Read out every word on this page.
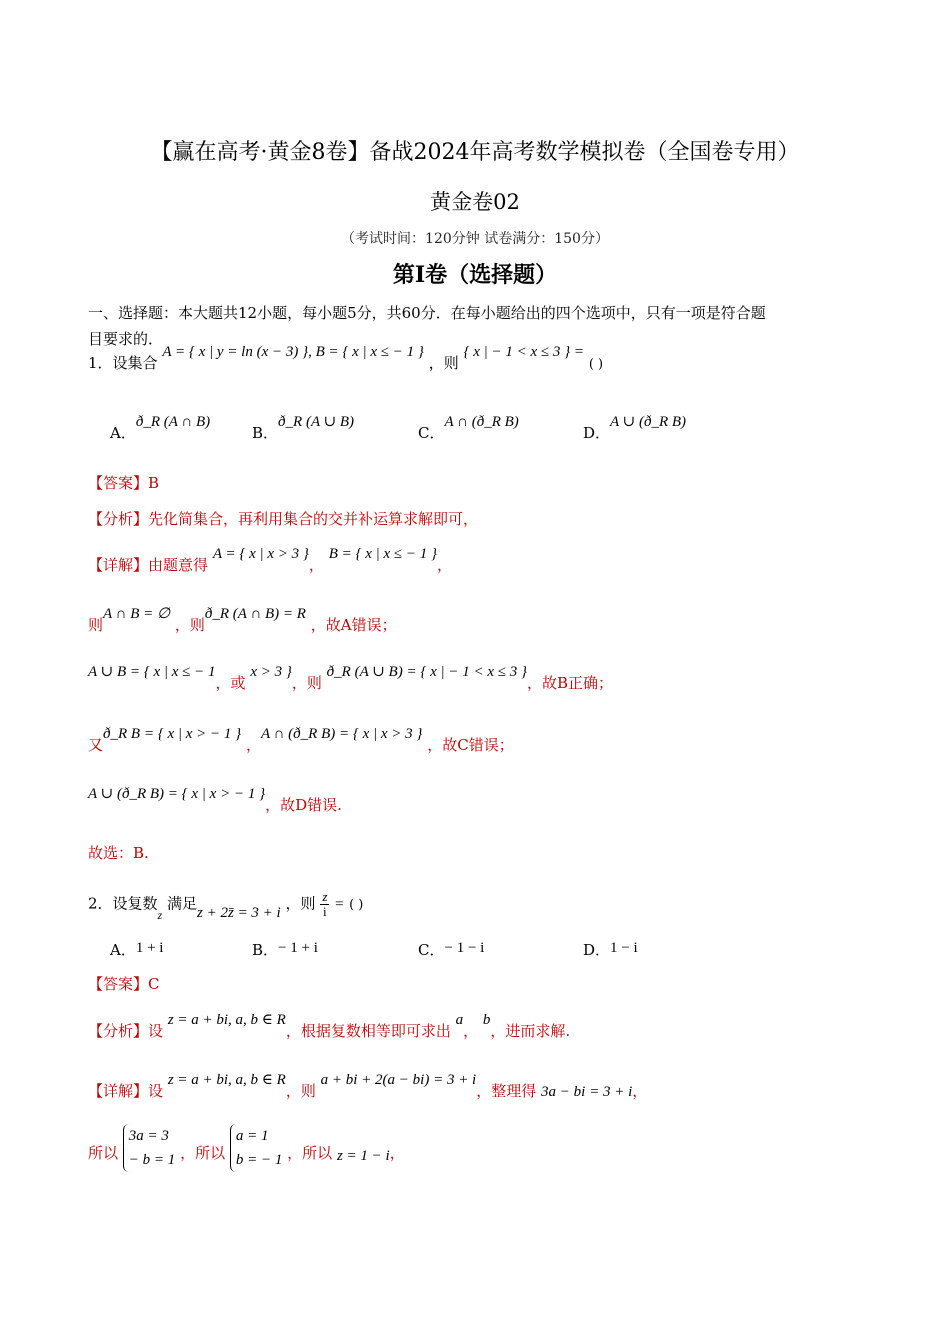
【赢在高考·黄金8卷】备战2024年高考数学模拟卷（全国卷专用）
黄金卷02
（考试时间：120分钟 试卷满分：150分）
第I卷（选择题）
一、选择题：本大题共12小题，每小题5分，共60分．在每小题给出的四个选项中，只有一项是符合题
目要求的．
1．设集合 A = { x | y = ln (x − 3) }, B = { x | x ≤ − 1 } ，则 { x | − 1 < x ≤ 3 } = ( )
A．ð_R (A ∩ B)
B．ð_R (A ∪ B)
C．A ∩ (ð_R B)
D．A ∪ (ð_R B)
【答案】B
【分析】先化简集合，再利用集合的交并补运算求解即可，
【详解】由题意得 A = { x | x > 3 }， B = { x | x ≤ − 1 }，
则A ∩ B = ∅ ，则ð_R (A ∩ B) = R ，故A错误；
A ∪ B = { x | x ≤ − 1，或 x > 3 }，则 ð_R (A ∪ B) = { x | − 1 < x ≤ 3 }，故B正确；
又ð_R B = { x | x > − 1 } ，A ∩ (ð_R B) = { x | x > 3 } ，故C错误；
A ∪ (ð_R B) = { x | x > − 1 }，故D错误.
故选：B.
2．设复数$_z$ 满足z + 2z̄ = 3 + i ，则 $\frac{z}{i}$ = ( )
A．1 + i	B．− 1 + i	C．− 1 − i	D．1 − i
【答案】C
【分析】设 z = a + bi, a, b ∈ R，根据复数相等即可求出 a， b，进而求解.
【详解】设 z = a + bi, a, b ∈ R，则 a + bi + 2(a − bi) = 3 + i，整理得 3a − bi = 3 + i，
所以
3a = 3
− b = 1 ，所以
a = 1
b = − 1 ，所以 z = 1 − i，
